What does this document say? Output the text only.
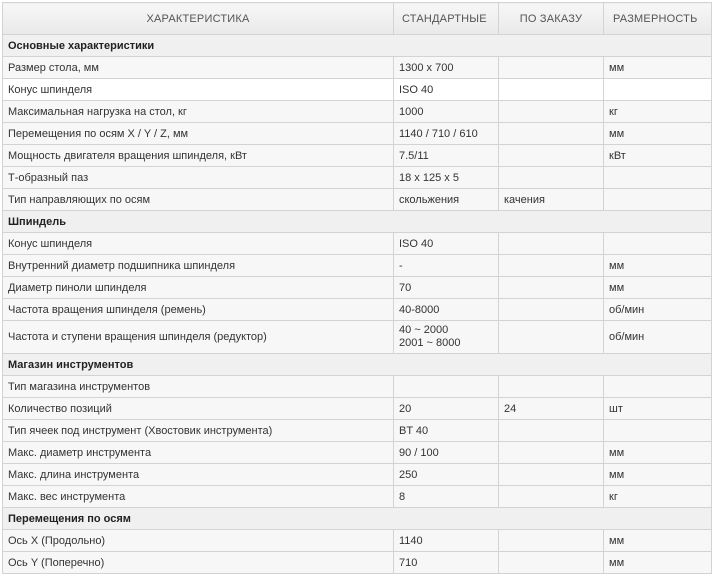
ХАРАКТЕРИСТИКА	СТАНДАРТНЫЕ	ПО ЗАКАЗУ	РАЗМЕРНОСТЬ
Основные характеристики			
Размер стола, мм	1300 x 700		мм
Конус шпинделя	ISO 40		
Максимальная нагрузка на стол, кг	1000		кг
Перемещения по осям X / Y / Z, мм	1140 / 710 / 610		мм
Мощность двигателя вращения шпинделя, кВт	7.5/11		кВт
Т-образный паз	18 x 125 x 5		
Тип направляющих по осям	скольжения	качения	
Шпиндель			
Конус шпинделя	ISO 40		
Внутренний диаметр подшипника шпинделя	-		мм
Диаметр пиноли шпинделя	70		мм
Частота вращения шпинделя (ремень)	40-8000		об/мин
Частота и ступени вращения шпинделя (редуктор)	40 ~ 2000
2001 ~ 8000		об/мин
Магазин инструментов			
Тип магазина инструментов			
Количество позиций	20	24	шт
Тип ячеек под инструмент (Хвостовик инструмента)	BT 40		
Макс. диаметр инструмента	90 / 100		мм
Макс. длина инструмента	250		мм
Макс. вес инструмента	8		кг
Перемещения по осям			
Ось X (Продольно)	1140		мм
Ось Y (Поперечно)	710		мм
